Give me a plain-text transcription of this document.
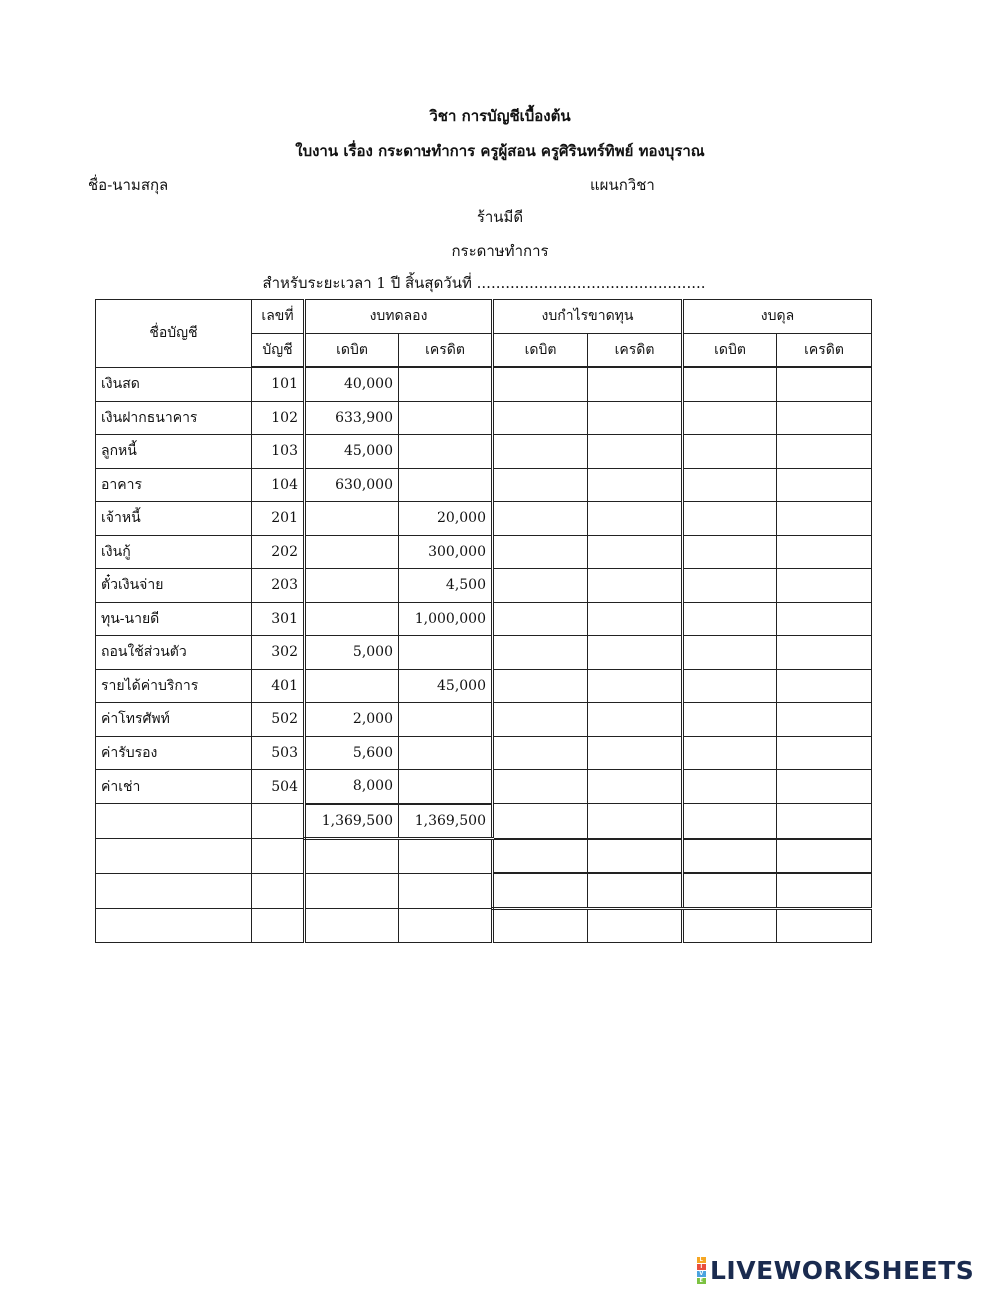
วิชา การบัญชีเบื้องต้น
ใบงาน เรื่อง กระดาษทำการ ครูผู้สอน ครูศิรินทร์ทิพย์ ทองบุราณ
ชื่อ-นามสกุล	แผนกวิชา
ร้านมีดี
กระดาษทำการ
สำหรับระยะเวลา 1 ปี สิ้นสุดวันที่ ................................................
ชื่อบัญชี	เลขที่	งบทดลอง		งบกำไรขาดทุน		งบดุล	
	บัญชี	เดบิต	เครดิต	เดบิต	เครดิต	เดบิต	เครดิต
เงินสด	101	40,000					
เงินฝากธนาคาร	102	633,900					
ลูกหนี้	103	45,000					
อาคาร	104	630,000					
เจ้าหนี้	201		20,000				
เงินกู้	202		300,000				
ตั๋วเงินจ่าย	203		4,500				
ทุน-นายดี	301		1,000,000				
ถอนใช้ส่วนตัว	302	5,000					
รายได้ค่าบริการ	401		45,000				
ค่าโทรศัพท์	502	2,000					
ค่ารับรอง	503	5,600					
ค่าเช่า	504	8,000					
		1,369,500	1,369,500				

L
I
V
E LIVEWORKSHEETS
